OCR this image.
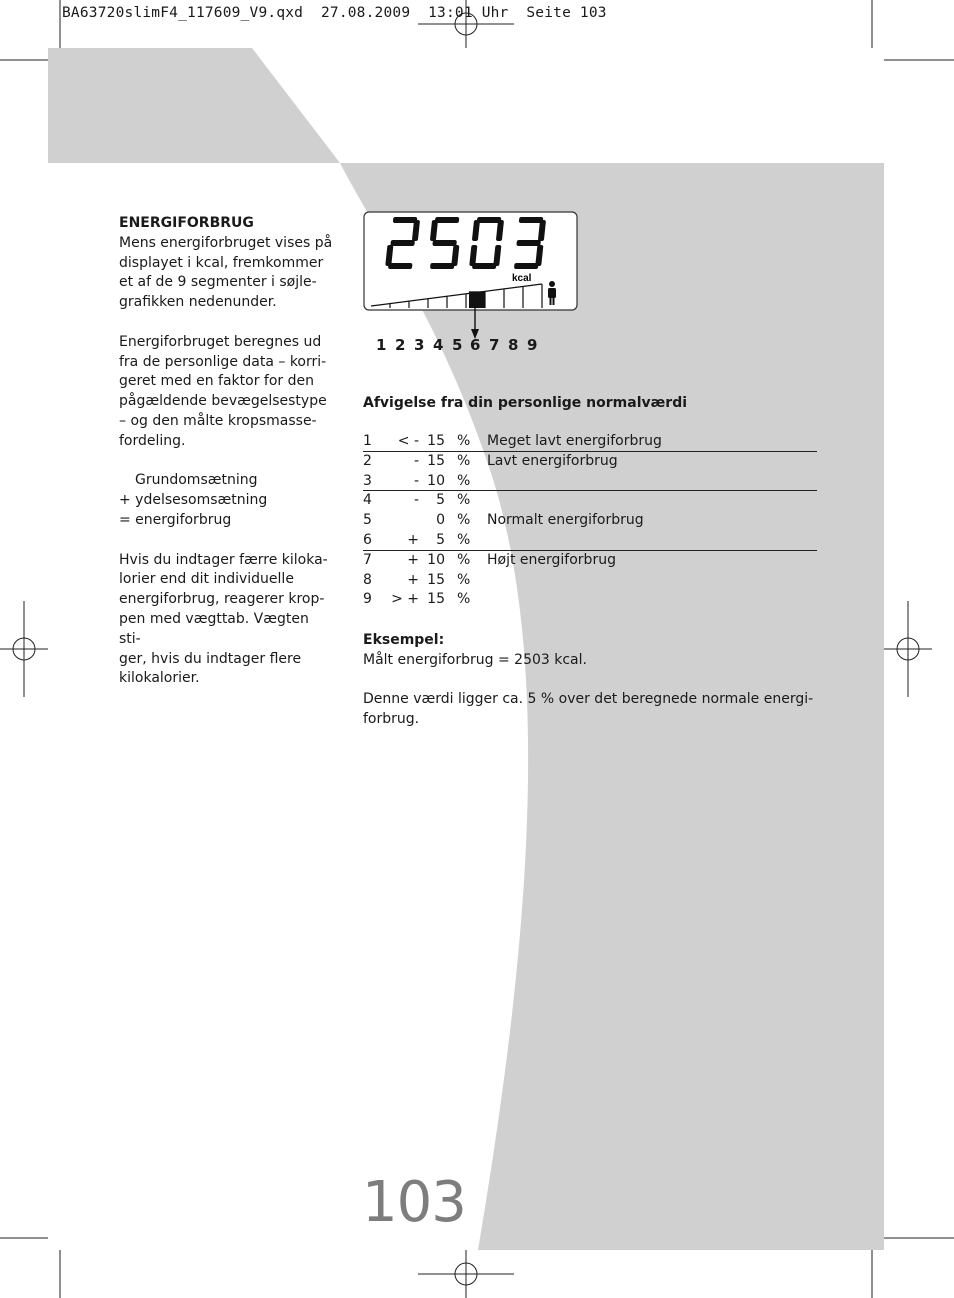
BA63720slimF4_117609_V9.qxd  27.08.2009  13:01 Uhr  Seite 103

ENERGIFORBRUG

Mens energiforbruget vises på
displayet i kcal, fremkommer
et af de 9 segmenter i søjle-
grafikken nedenunder.

Energiforbruget beregnes ud
fra de personlige data – korri-
geret med en faktor for den
pågældende bevægelsestype
– og den målte kropsmasse-
fordeling.

Grundomsætning
+ ydelsesomsætning
= energiforbrug

Hvis du indtager færre kiloka-
lorier end dit individuelle
energiforbrug, reagerer krop-
pen med vægttab. Vægten sti-
ger, hvis du indtager flere
kilokalorier.

kcal
1 2 3 4 5 6 7 8 9
Afvigelse fra din personlige normalværdi
1	< - 15 % Meget lavt energiforbrug
2	- 15 % Lavt energiforbrug
3	- 10 %
4	-	5 %
5	0 % Normalt energiforbrug
6	+	5 %
7	+ 10 % Højt energiforbrug
8	+ 15 %
9	> + 15 %
Eksempel:
Målt energiforbrug = 2503 kcal.
Denne værdi ligger ca. 5 % over det beregnede normale energi-
forbrug.
103
